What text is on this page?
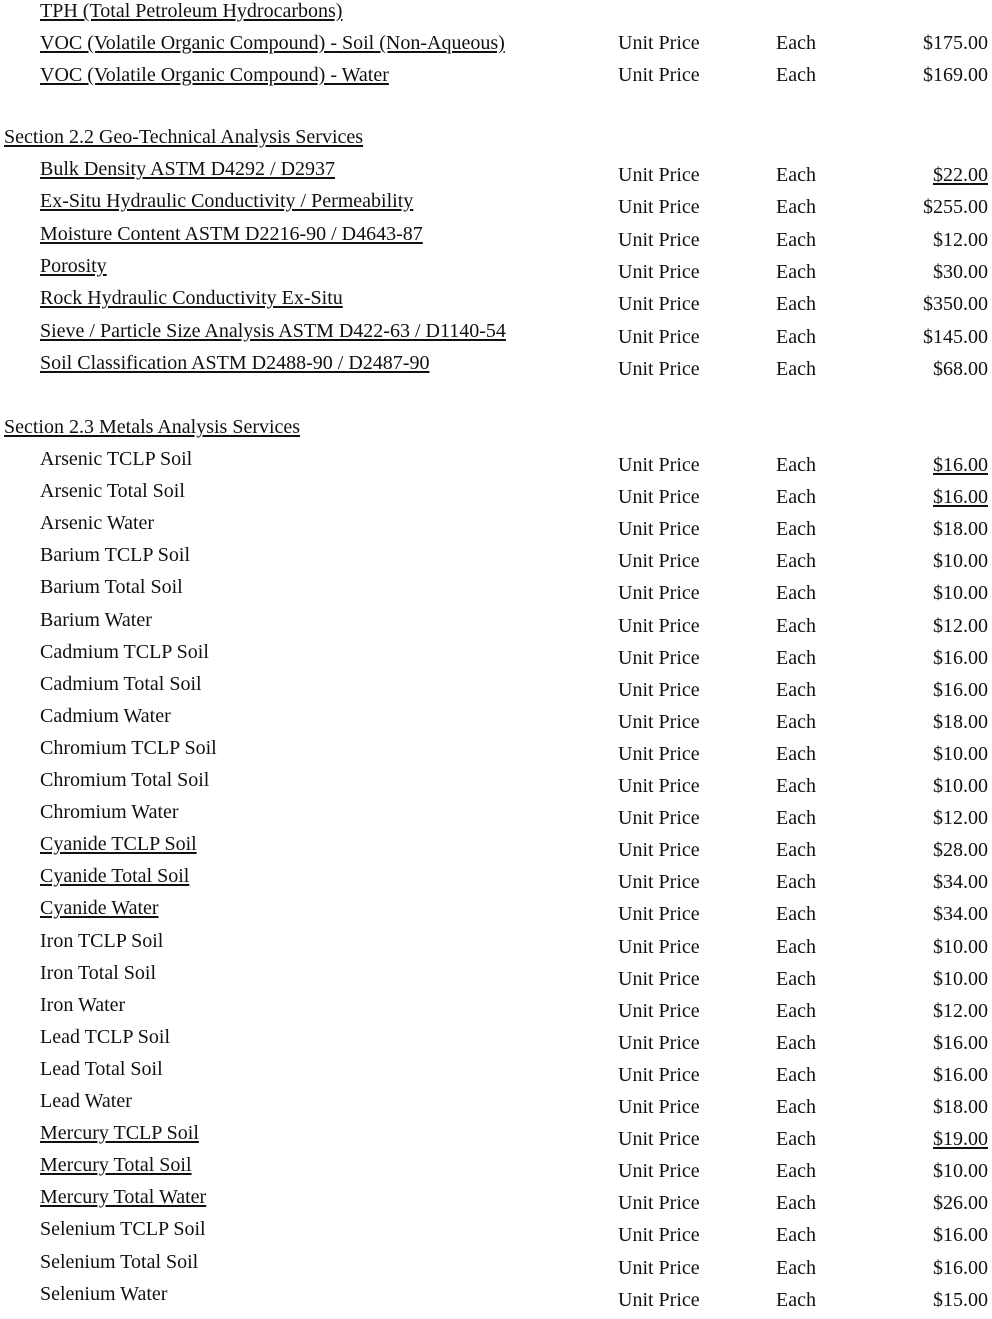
TPH (Total Petroleum Hydrocarbons)
VOC (Volatile Organic Compound) - Soil (Non-Aqueous)	Unit Price	Each	$175.00
VOC (Volatile Organic Compound) - Water	Unit Price	Each	$169.00
Section 2.2 Geo-Technical Analysis Services
Bulk Density ASTM D4292 / D2937	Unit Price	Each	$22.00
Ex-Situ Hydraulic Conductivity / Permeability	Unit Price	Each	$255.00
Moisture Content ASTM D2216-90 / D4643-87	Unit Price	Each	$12.00
Porosity	Unit Price	Each	$30.00
Rock Hydraulic Conductivity Ex-Situ	Unit Price	Each	$350.00
Sieve / Particle Size Analysis ASTM D422-63 / D1140-54	Unit Price	Each	$145.00
Soil Classification ASTM D2488-90 / D2487-90	Unit Price	Each	$68.00
Section 2.3 Metals Analysis Services
Arsenic TCLP Soil	Unit Price	Each	$16.00
Arsenic Total Soil	Unit Price	Each	$16.00
Arsenic Water	Unit Price	Each	$18.00
Barium TCLP Soil	Unit Price	Each	$10.00
Barium Total Soil	Unit Price	Each	$10.00
Barium Water	Unit Price	Each	$12.00
Cadmium TCLP Soil	Unit Price	Each	$16.00
Cadmium Total Soil	Unit Price	Each	$16.00
Cadmium Water	Unit Price	Each	$18.00
Chromium TCLP Soil	Unit Price	Each	$10.00
Chromium Total Soil	Unit Price	Each	$10.00
Chromium Water	Unit Price	Each	$12.00
Cyanide TCLP Soil	Unit Price	Each	$28.00
Cyanide Total Soil	Unit Price	Each	$34.00
Cyanide Water	Unit Price	Each	$34.00
Iron TCLP Soil	Unit Price	Each	$10.00
Iron Total Soil	Unit Price	Each	$10.00
Iron Water	Unit Price	Each	$12.00
Lead TCLP Soil	Unit Price	Each	$16.00
Lead Total Soil	Unit Price	Each	$16.00
Lead Water	Unit Price	Each	$18.00
Mercury TCLP Soil	Unit Price	Each	$19.00
Mercury Total Soil	Unit Price	Each	$10.00
Mercury Total Water	Unit Price	Each	$26.00
Selenium TCLP Soil	Unit Price	Each	$16.00
Selenium Total Soil	Unit Price	Each	$16.00
Selenium Water	Unit Price	Each	$15.00
